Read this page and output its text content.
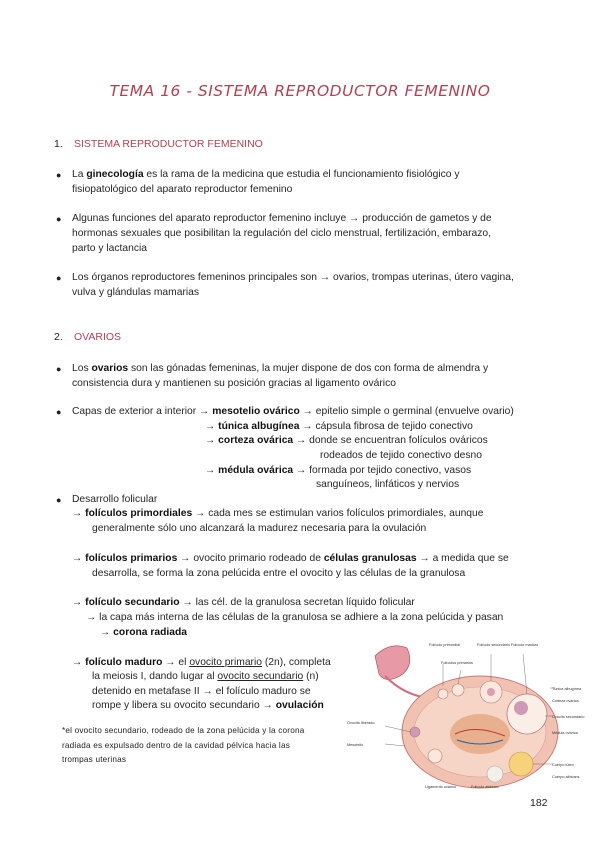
TEMA 16 - SISTEMA REPRODUCTOR FEMENINO
1. SISTEMA REPRODUCTOR FEMENINO
● La ginecología es la rama de la medicina que estudia el funcionamiento fisiológico y
fisiopatológico del aparato reproductor femenino
● Algunas funciones del aparato reproductor femenino incluye → producción de gametos y de
hormonas sexuales que posibilitan la regulación del ciclo menstrual, fertilización, embarazo,
parto y lactancia
● Los órganos reproductores femeninos principales son → ovarios, trompas uterinas, útero vagina,
vulva y glándulas mamarias
2. OVARIOS
● Los ovarios son las gónadas femeninas, la mujer dispone de dos con forma de almendra y
consistencia dura y mantienen su posición gracias al ligamento ovárico
● Capas de exterior a interior → mesotelio ovárico → epitelio simple o germinal (envuelve ovario)
→ túnica albugínea → cápsula fibrosa de tejido conectivo
→ corteza ovárica → donde se encuentran folículos ováricos
rodeados de tejido conectivo desno
→ médula ovárica → formada por tejido conectivo, vasos
sanguíneos, linfáticos y nervios
● Desarrollo folicular
→ folículos primordiales → cada mes se estimulan varios folículos primordiales, aunque
generalmente sólo uno alcanzará la madurez necesaria para la ovulación
→ folículos primarios → ovocito primario rodeado de células granulosas → a medida que se
desarrolla, se forma la zona pelúcida entre el ovocito y las células de la granulosa
→ folículo secundario → las cél. de la granulosa secretan líquido folicular
→ la capa más interna de las células de la granulosa se adhiere a la zona pelúcida y pasan
→ corona radiada
→ folículo maduro → el ovocito primario (2n), completa
la meiosis I, dando lugar al ovocito secundario (n)
detenido en metafase II → el folículo maduro se
rompe y libera su ovocito secundario → ovulación
*el ovocito secundario, rodeado de la zona pelúcida y la corona
radiada es expulsado dentro de la cavidad pélvica hacia las
trompas uterinas
Folículo primordial
Folículos primarios
Folículo secundario Folículo maduro
Túnica albugínea
Corteza ovárica
Ovocito secundario
Médula ovárica
Cuerpo lúteo
Cuerpo albicans
Ovocito liberado
Mesotelio
Ligamento ovárico	Folículo atrésico
182
